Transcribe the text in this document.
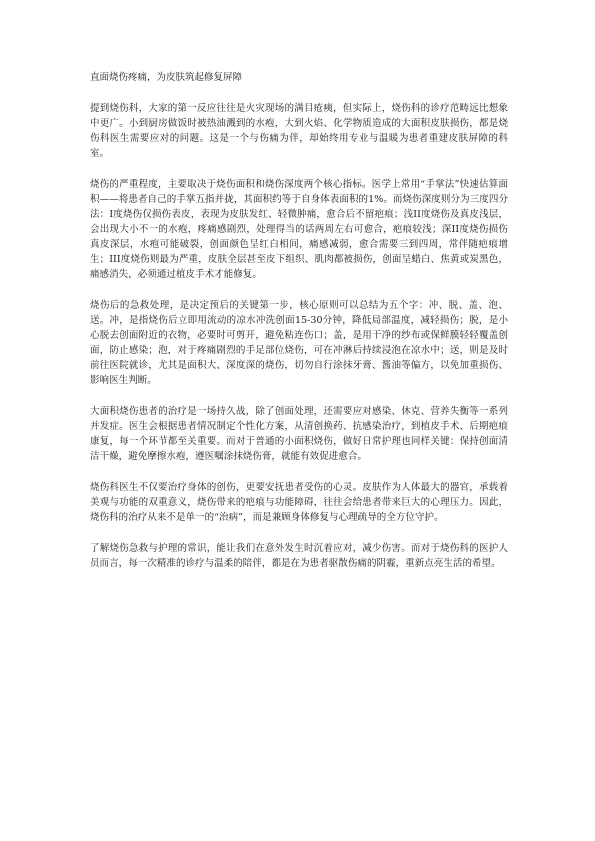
直面烧伤疼痛，为皮肤筑起修复屏障

提到烧伤科，大家的第一反应往往是火灾现场的满目疮痍，但实际上，烧伤科的诊疗范畴远比想象中更广。小到厨房做饭时被热油溅到的水疱，大到火焰、化学物质造成的大面积皮肤损伤，都是烧伤科医生需要应对的问题。这是一个与伤痛为伴，却始终用专业与温暖为患者重建皮肤屏障的科室。

烧伤的严重程度，主要取决于烧伤面积和烧伤深度两个核心指标。医学上常用“手掌法”快速估算面积——将患者自己的手掌五指并拢，其面积约等于自身体表面积的1%。而烧伤深度则分为三度四分法：I度烧伤仅损伤表皮，表现为皮肤发红、轻微肿痛，愈合后不留疤痕；浅II度烧伤及真皮浅层，会出现大小不一的水疱，疼痛感剧烈，处理得当的话两周左右可愈合，疤痕较浅；深II度烧伤损伤真皮深层，水疱可能破裂，创面颜色呈红白相间，痛感减弱，愈合需要三到四周，常伴随疤痕增生；III度烧伤则最为严重，皮肤全层甚至皮下组织、肌肉都被损伤，创面呈蜡白、焦黄或炭黑色，痛感消失，必须通过植皮手术才能修复。

烧伤后的急救处理，是决定预后的关键第一步，核心原则可以总结为五个字：冲、脱、盖、泡、送。冲，是指烧伤后立即用流动的凉水冲洗创面15-30分钟，降低局部温度，减轻损伤；脱，是小心脱去创面附近的衣物，必要时可剪开，避免粘连伤口；盖，是用干净的纱布或保鲜膜轻轻覆盖创面，防止感染；泡，对于疼痛剧烈的手足部位烧伤，可在冲淋后持续浸泡在凉水中；送，则是及时前往医院就诊，尤其是面积大、深度深的烧伤，切勿自行涂抹牙膏、酱油等偏方，以免加重损伤、影响医生判断。

大面积烧伤患者的治疗是一场持久战，除了创面处理，还需要应对感染、休克、营养失衡等一系列并发症。医生会根据患者情况制定个性化方案，从清创换药、抗感染治疗，到植皮手术、后期疤痕康复，每一个环节都至关重要。而对于普通的小面积烧伤，做好日常护理也同样关键：保持创面清洁干燥，避免摩擦水疱，遵医嘱涂抹烧伤膏，就能有效促进愈合。

烧伤科医生不仅要治疗身体的创伤，更要安抚患者受伤的心灵。皮肤作为人体最大的器官，承载着美观与功能的双重意义，烧伤带来的疤痕与功能障碍，往往会给患者带来巨大的心理压力。因此，烧伤科的治疗从来不是单一的“治病”，而是兼顾身体修复与心理疏导的全方位守护。

了解烧伤急救与护理的常识，能让我们在意外发生时沉着应对，减少伤害。而对于烧伤科的医护人员而言，每一次精准的诊疗与温柔的陪伴，都是在为患者驱散伤痛的阴霾，重新点亮生活的希望。
